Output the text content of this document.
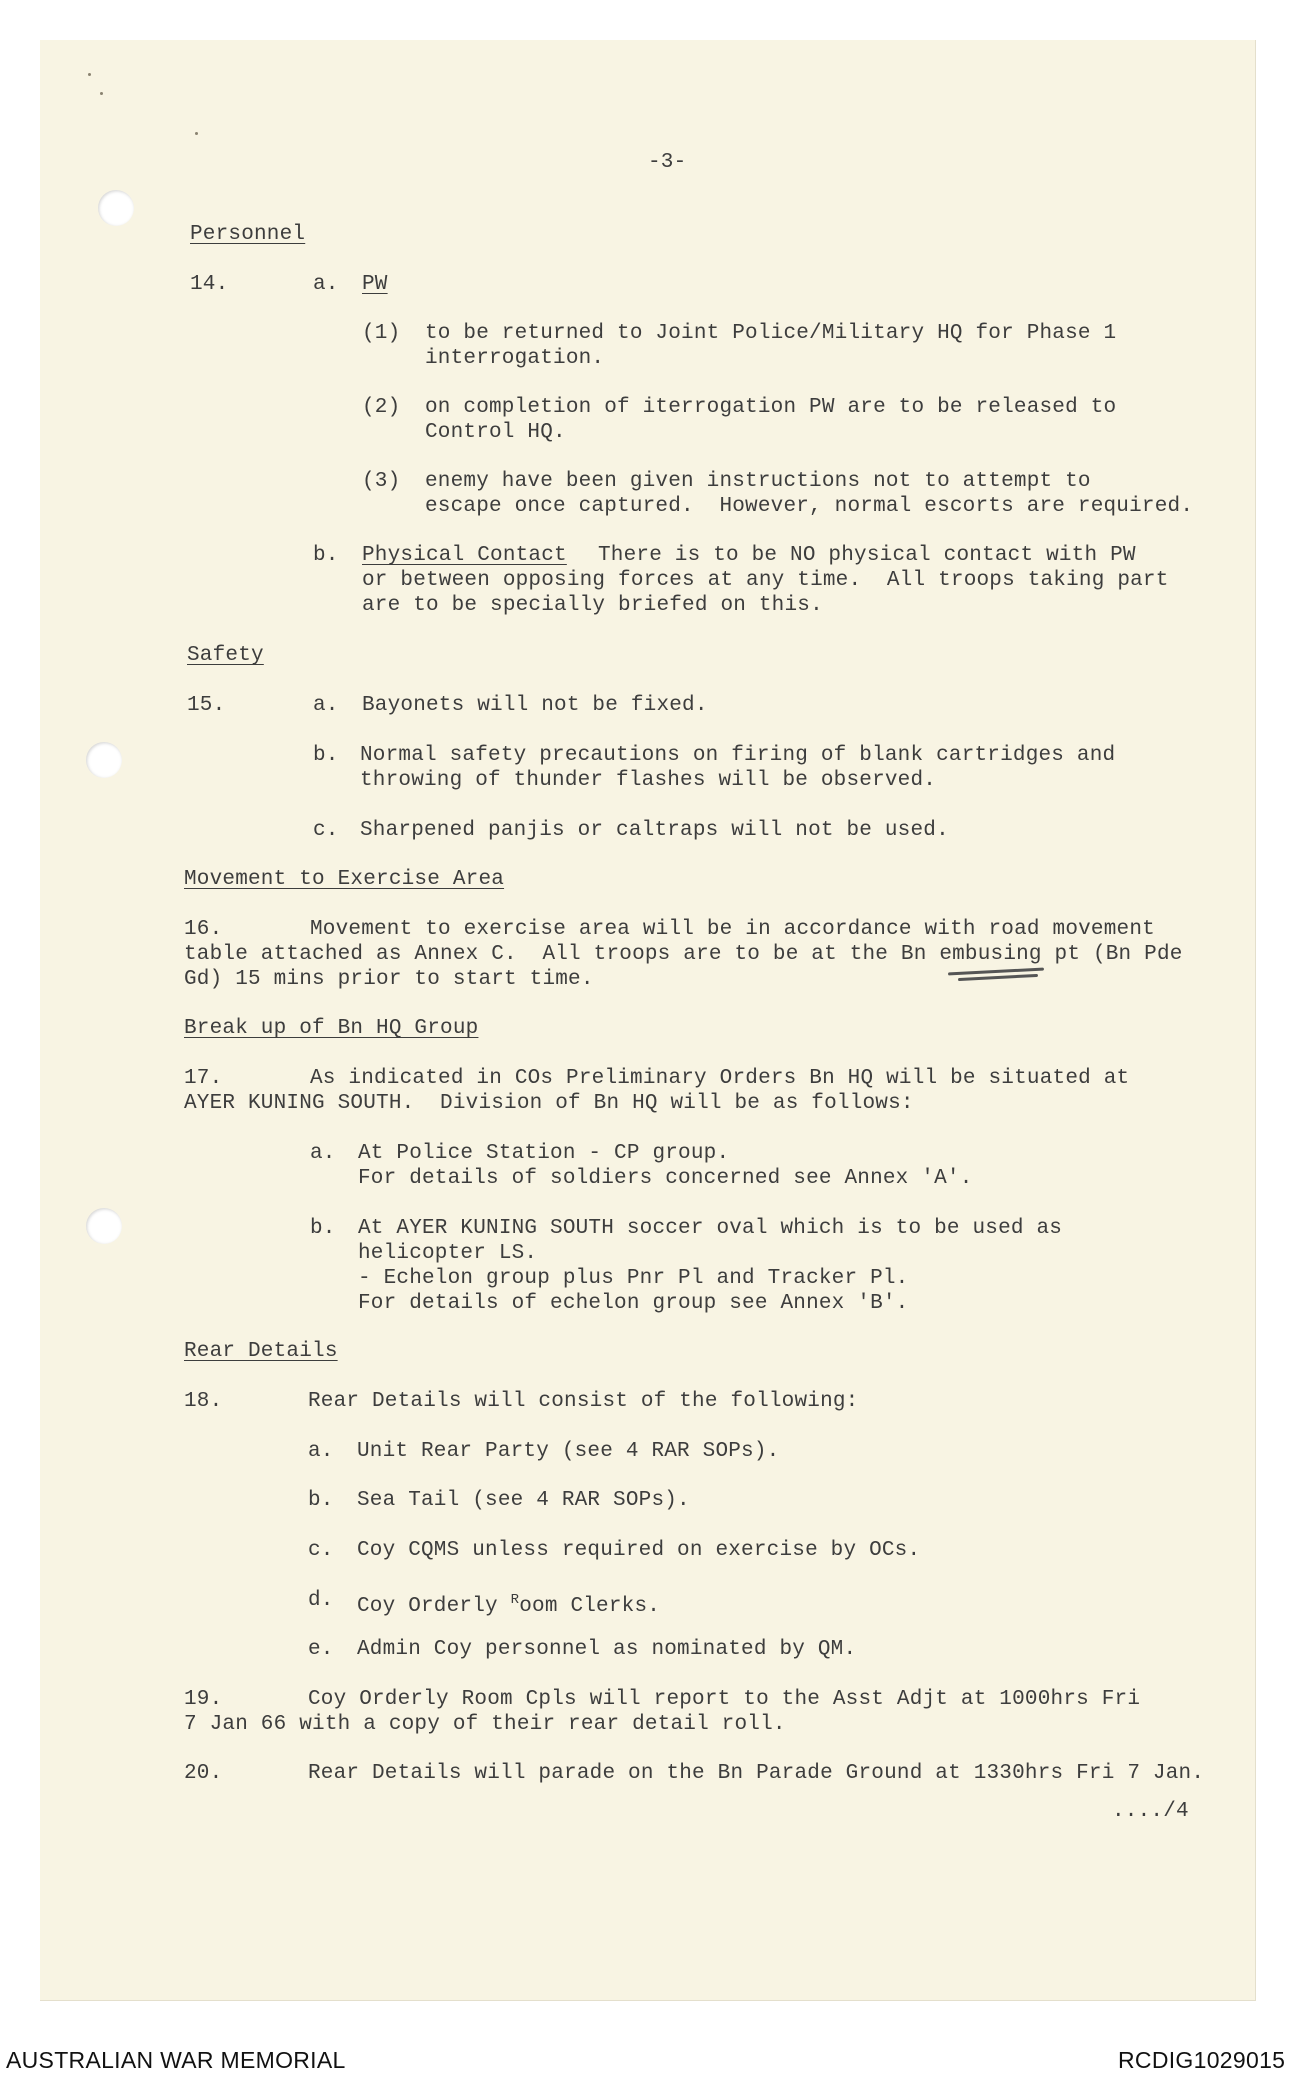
-3-
Personnel
14.	a. PW
(1) to be returned to Joint Police/Military HQ for Phase 1
interrogation.
(2) on completion of iterrogation PW are to be released to
Control HQ.
(3) enemy have been given instructions not to attempt to
escape once captured.  However, normal escorts are required.
b. Physical Contact There is to be NO physical contact with PW
or between opposing forces at any time.  All troops taking part
are to be specially briefed on this.
Safety
15.	a. Bayonets will not be fixed.
b. Normal safety precautions on firing of blank cartridges and
throwing of thunder flashes will be observed.
c. Sharpened panjis or caltraps will not be used.
Movement to Exercise Area
16.	Movement to exercise area will be in accordance with road movement
table attached as Annex C.  All troops are to be at the Bn embusing pt (Bn Pde
Gd) 15 mins prior to start time.
Break up of Bn HQ Group
17.	As indicated in COs Preliminary Orders Bn HQ will be situated at
AYER KUNING SOUTH.  Division of Bn HQ will be as follows:
a. At Police Station - CP group.
For details of soldiers concerned see Annex 'A'.
b. At AYER KUNING SOUTH soccer oval which is to be used as
helicopter LS.
- Echelon group plus Pnr Pl and Tracker Pl.
For details of echelon group see Annex 'B'.
Rear Details
18.	Rear Details will consist of the following:
a. Unit Rear Party (see 4 RAR SOPs).
b. Sea Tail (see 4 RAR SOPs).
c. Coy CQMS unless required on exercise by OCs.
d. Coy Orderly $^R$oom Clerks.
e. Admin Coy personnel as nominated by QM.
19.	Coy Orderly Room Cpls will report to the Asst Adjt at 1000hrs Fri
7 Jan 66 with a copy of their rear detail roll.
20.	Rear Details will parade on the Bn Parade Ground at 1330hrs Fri 7 Jan.
..../4
AUSTRALIAN WAR MEMORIAL	RCDIG1029015
